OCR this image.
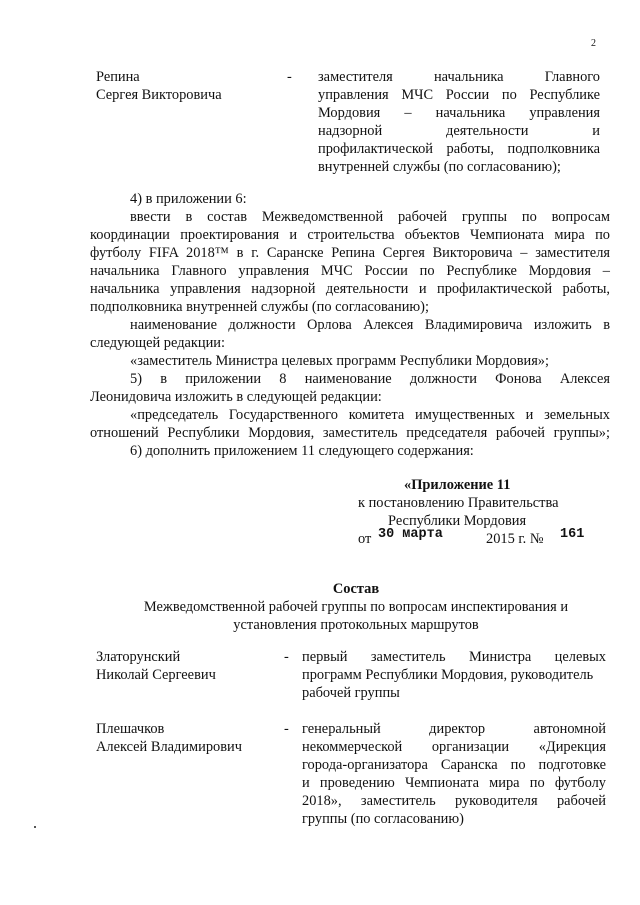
2
Репина
Сергея Викторовича
- заместителя начальника Главного
управления МЧС России по Республике
Мордовия – начальника управления
надзорной деятельности и
профилактической работы, подполковника
внутренней службы (по согласованию);
4) в приложении 6:
ввести в состав Межведомственной рабочей группы по вопросам
координации проектирования и строительства объектов Чемпионата мира по
футболу FIFA 2018™ в г. Саранске Репина Сергея Викторовича – заместителя
начальника Главного управления МЧС России по Республике Мордовия –
начальника управления надзорной деятельности и профилактической работы,
подполковника внутренней службы (по согласованию);
наименование должности Орлова Алексея Владимировича изложить в
следующей редакции:
«заместитель Министра целевых программ Республики Мордовия»;
5) в приложении 8 наименование должности Фонова Алексея
Леонидовича изложить в следующей редакции:
«председатель Государственного комитета имущественных и земельных
отношений Республики Мордовия, заместитель председателя рабочей группы»;
6) дополнить приложением 11 следующего содержания:
«Приложение 11
к постановлению Правительства
Республики Мордовия
от 30 марта	2015 г. № 161
Состав
Межведомственной рабочей группы по вопросам инспектирования и
установления протокольных маршрутов
Златорунский
Николай Сергеевич
- первый заместитель Министра целевых
программ Республики Мордовия, руководитель
рабочей группы
Плешачков
Алексей Владимирович
- генеральный директор автономной
некоммерческой организации «Дирекция
города-организатора Саранска по подготовке
и проведению Чемпионата мира по футболу
2018», заместитель руководителя рабочей
группы (по согласованию)
